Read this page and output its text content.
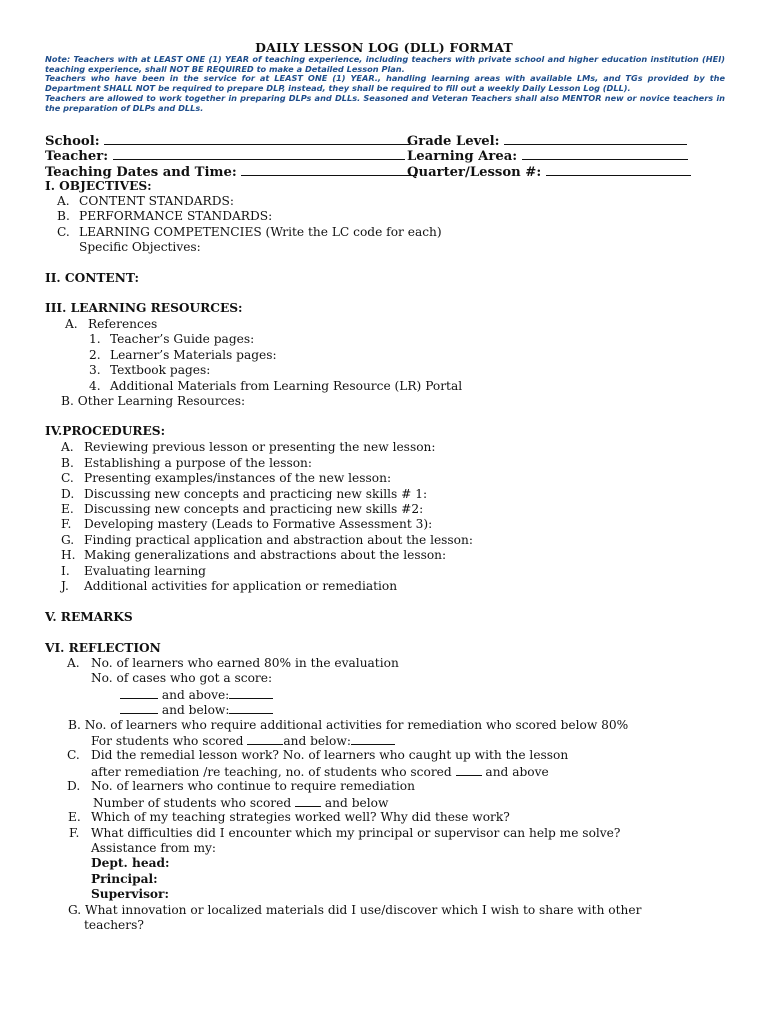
DAILY LESSON LOG (DLL) FORMAT

Note: Teachers with at LEAST ONE (1) YEAR of teaching experience, including teachers with private school and higher education institution (HEI) teaching experience, shall NOT BE REQUIRED to make a Detailed Lesson Plan.

Teachers who have been in the service for at LEAST ONE (1) YEAR., handling learning areas with available LMs, and TGs provided by the Department SHALL NOT be required to prepare DLP, instead, they shall be required to fill out a weekly Daily Lesson Log (DLL).

Teachers are allowed to work together in preparing DLPs and DLLs. Seasoned and Veteran Teachers shall also MENTOR new or novice teachers in the preparation of DLPs and DLLs.

School:	Grade Level:
Teacher:	Learning Area:
Teaching Dates and Time:	Quarter/Lesson #:
I. OBJECTIVES:
A. CONTENT STANDARDS:
B. PERFORMANCE STANDARDS:
C. LEARNING COMPETENCIES (Write the LC code for each)
Specific Objectives:
II. CONTENT:
III. LEARNING RESOURCES:
A. References
1. Teacher’s Guide pages:
2. Learner’s Materials pages:
3. Textbook pages:
4. Additional Materials from Learning Resource (LR) Portal
B. Other Learning Resources:
IV.PROCEDURES:
A. Reviewing previous lesson or presenting the new lesson:
B. Establishing a purpose of the lesson:
C. Presenting examples/instances of the new lesson:
D. Discussing new concepts and practicing new skills # 1:
E. Discussing new concepts and practicing new skills #2:
F. Developing mastery (Leads to Formative Assessment 3):
G. Finding practical application and abstraction about the lesson:
H. Making generalizations and abstractions about the lesson:
I. Evaluating learning
J. Additional activities for application or remediation
V. REMARKS
VI. REFLECTION
A. No. of learners who earned 80% in the evaluation
No. of cases who got a score:
and above:
and below:
B. No. of learners who require additional activities for remediation who scored below 80%
For students who scored	and below:
C. Did the remedial lesson work? No. of learners who caught up with the lesson
after remediation /re teaching, no. of students who scored	and above
D. No. of learners who continue to require remediation
Number of students who scored	and below
E. Which of my teaching strategies worked well? Why did these work?
F. What difficulties did I encounter which my principal or supervisor can help me solve?
Assistance from my:
Dept. head:
Principal:
Supervisor:
G. What innovation or localized materials did I use/discover which I wish to share with other
teachers?
